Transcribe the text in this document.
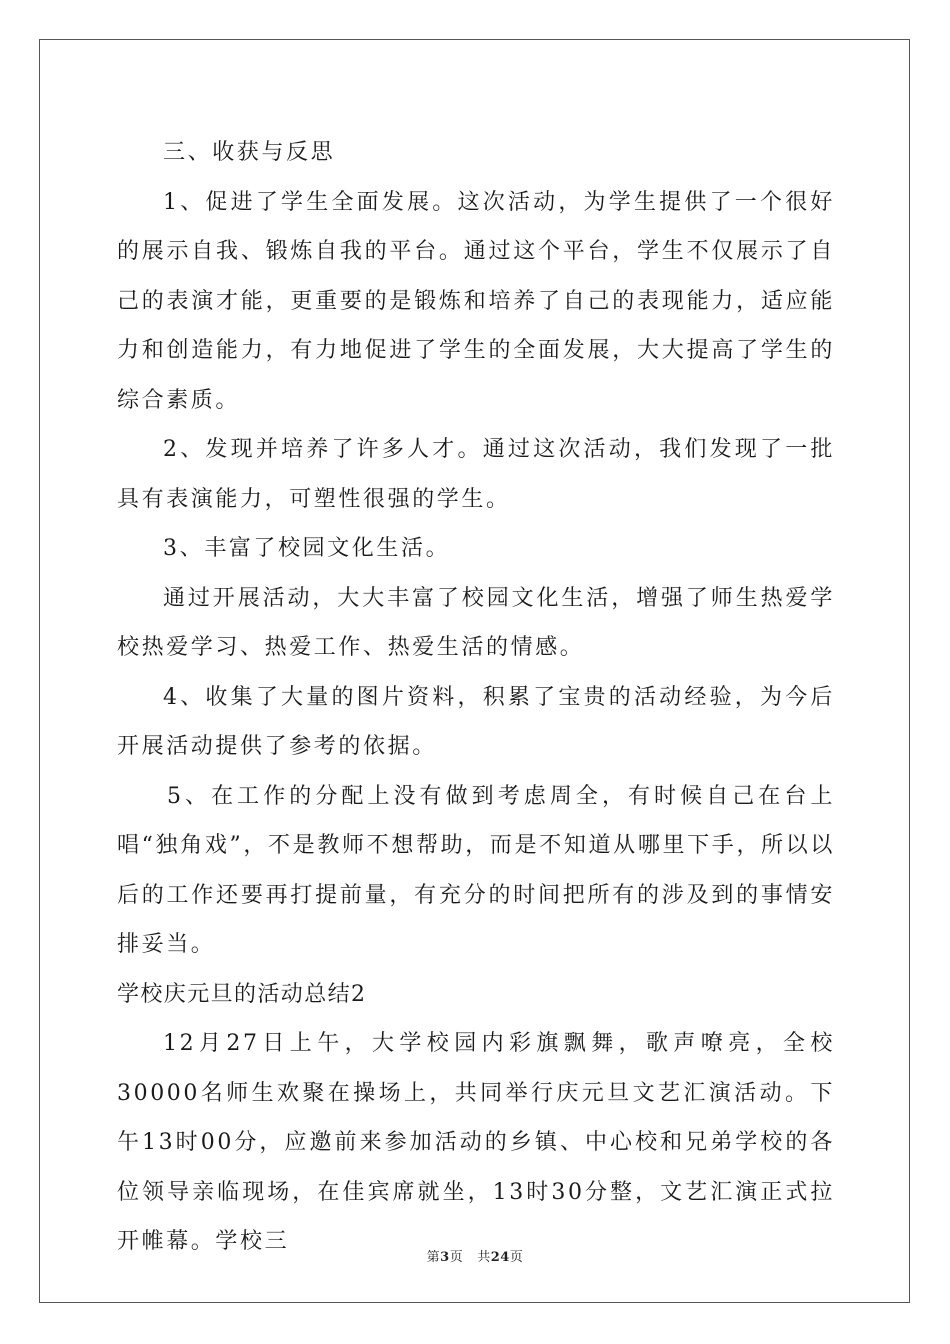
三、收获与反思

1、促进了学生全面发展。这次活动，为学生提供了一个很好的展示自我、锻炼自我的平台。通过这个平台，学生不仅展示了自己的表演才能，更重要的是锻炼和培养了自己的表现能力，适应能力和创造能力，有力地促进了学生的全面发展，大大提高了学生的综合素质。

2、发现并培养了许多人才。通过这次活动，我们发现了一批具有表演能力，可塑性很强的学生。

3、丰富了校园文化生活。

通过开展活动，大大丰富了校园文化生活，增强了师生热爱学校热爱学习、热爱工作、热爱生活的情感。

4、收集了大量的图片资料，积累了宝贵的活动经验，为今后开展活动提供了参考的依据。

5、在工作的分配上没有做到考虑周全，有时候自己在台上唱“独角戏”，不是教师不想帮助，而是不知道从哪里下手，所以以后的工作还要再打提前量，有充分的时间把所有的涉及到的事情安排妥当。

学校庆元旦的活动总结2

12月27日上午，大学校园内彩旗飘舞，歌声嘹亮，全校30000名师生欢聚在操场上，共同举行庆元旦文艺汇演活动。下午13时00分，应邀前来参加活动的乡镇、中心校和兄弟学校的各位领导亲临现场，在佳宾席就坐，13时30分整，文艺汇演正式拉开帷幕。学校三

第3页 共24页
